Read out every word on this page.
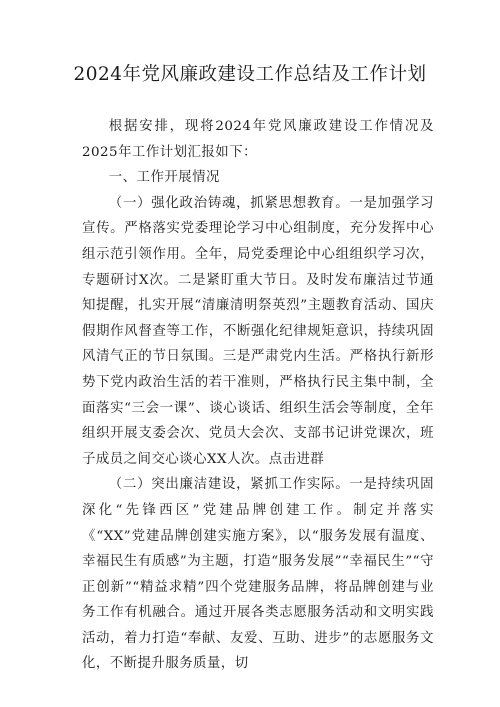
2024年党风廉政建设工作总结及工作计划

根据安排，现将2024年党风廉政建设工作情况及2025年工作计划汇报如下：

一、工作开展情况

（一）强化政治铸魂，抓紧思想教育。一是加强学习宣传。严格落实党委理论学习中心组制度，充分发挥中心组示范引领作用。全年，局党委理论中心组组织学习次，专题研讨X次。二是紧盯重大节日。及时发布廉洁过节通知提醒，扎实开展“清廉清明祭英烈”主题教育活动、国庆假期作风督查等工作，不断强化纪律规矩意识，持续巩固风清气正的节日氛围。三是严肃党内生活。严格执行新形势下党内政治生活的若干准则，严格执行民主集中制，全面落实“三会一课”、谈心谈话、组织生活会等制度，全年组织开展支委会次、党员大会次、支部书记讲党课次，班子成员之间交心谈心XX人次。点击进群

（二）突出廉洁建设，紧抓工作实际。一是持续巩固深化“先锋西区”党建品牌创建工作。制定并落实《“XX”党建品牌创建实施方案》，以“服务发展有温度、幸福民生有质感”为主题，打造“服务发展”“幸福民生”“守正创新”“精益求精”四个党建服务品牌，将品牌创建与业务工作有机融合。通过开展各类志愿服务活动和文明实践活动，着力打造“奉献、友爱、互助、进步”的志愿服务文化，不断提升服务质量，切
